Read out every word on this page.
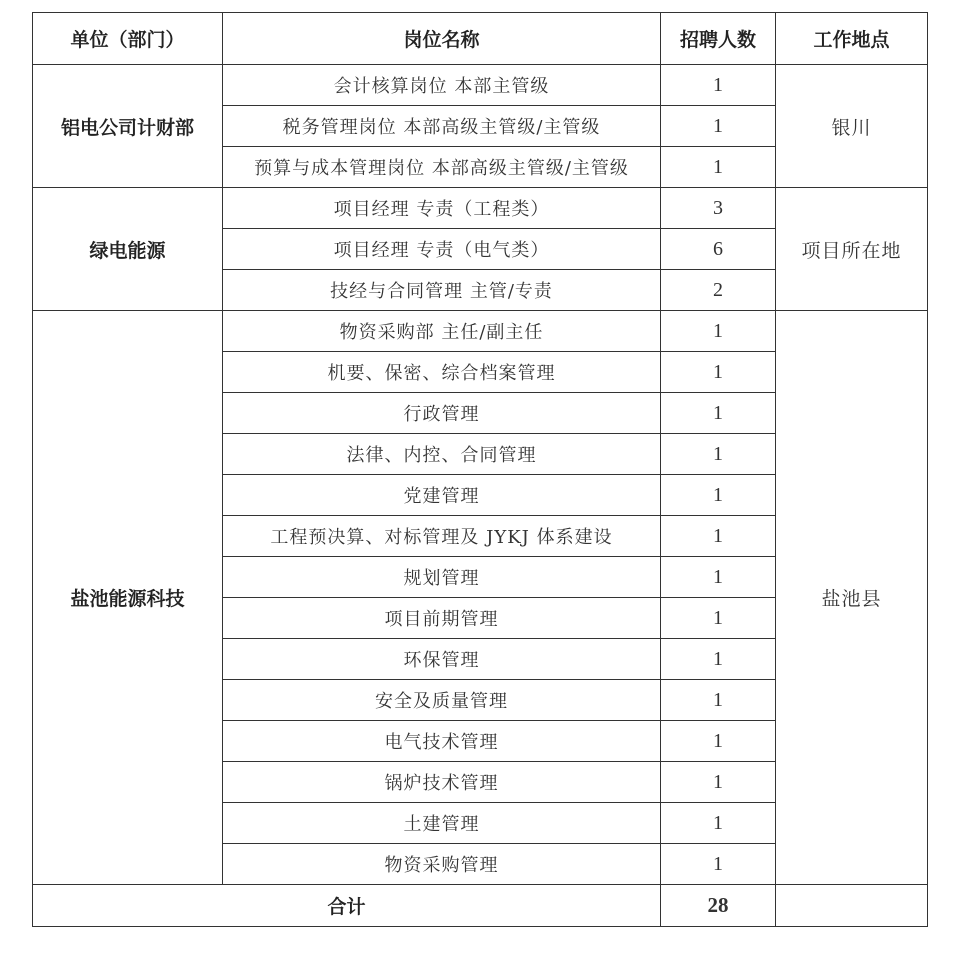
单位（部门）	岗位名称	招聘人数	工作地点
铝电公司计财部	会计核算岗位 本部主管级	1	银川
	税务管理岗位 本部高级主管级/主管级	1	
	预算与成本管理岗位 本部高级主管级/主管级	1	
绿电能源	项目经理 专责（工程类）	3	项目所在地
	项目经理 专责（电气类）	6	
	技经与合同管理 主管/专责	2	
盐池能源科技	物资采购部 主任/副主任	1	盐池县
	机要、保密、综合档案管理	1	
	行政管理	1	
	法律、内控、合同管理	1	
	党建管理	1	
	工程预决算、对标管理及 JYKJ 体系建设	1	
	规划管理	1	
	项目前期管理	1	
	环保管理	1	
	安全及质量管理	1	
	电气技术管理	1	
	锅炉技术管理	1	
	土建管理	1	
	物资采购管理	1	
合计		28	
